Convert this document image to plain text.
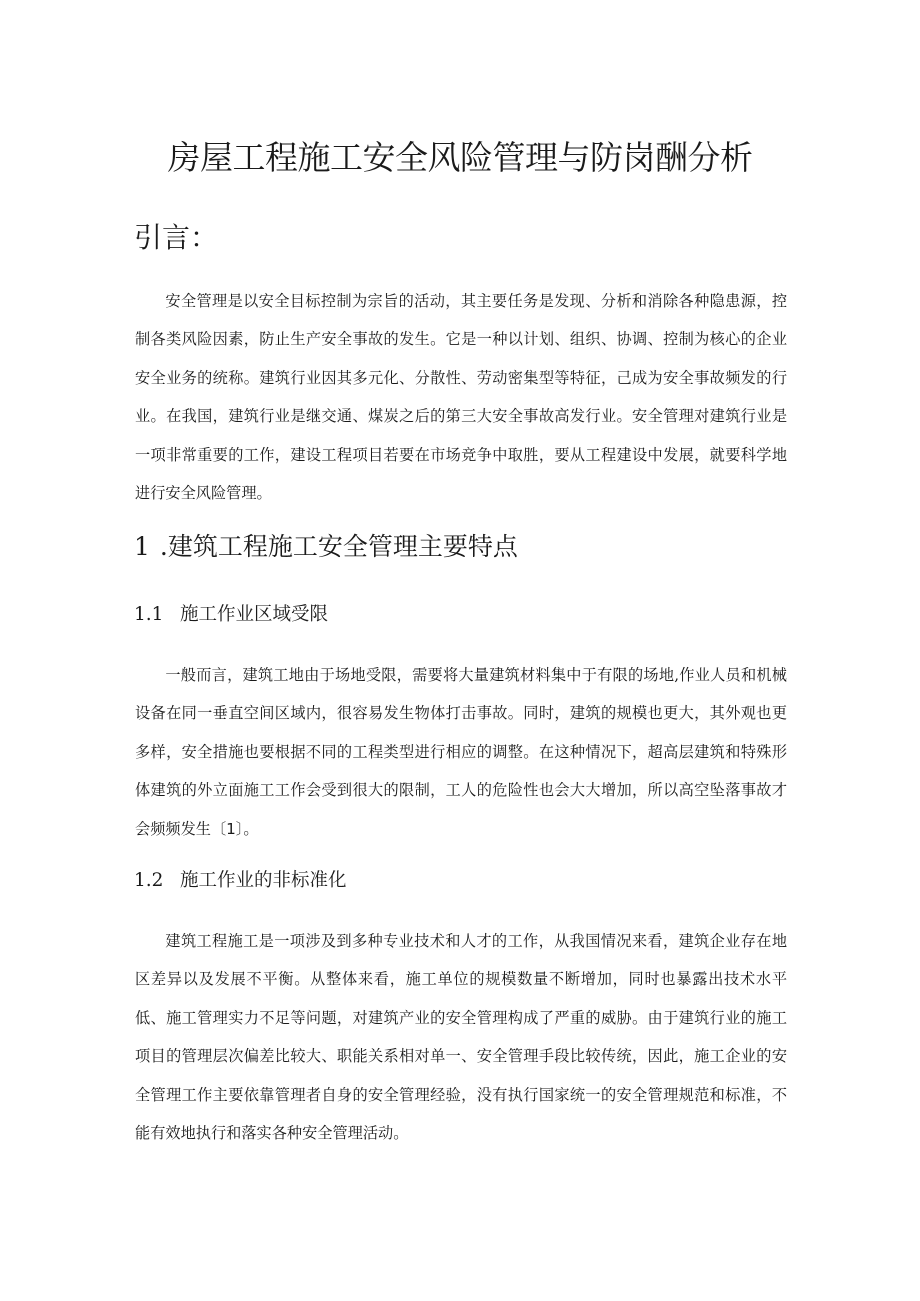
房屋工程施工安全风险管理与防岗酬分析
引言：

安全管理是以安全目标控制为宗旨的活动，其主要任务是发现、分析和消除各种隐患源，控制各类风险因素，防止生产安全事故的发生。它是一种以计划、组织、协调、控制为核心的企业安全业务的统称。建筑行业因其多元化、分散性、劳动密集型等特征，己成为安全事故频发的行业。在我国，建筑行业是继交通、煤炭之后的第三大安全事故高发行业。安全管理对建筑行业是一项非常重要的工作，建设工程项目若要在市场竞争中取胜，要从工程建设中发展，就要科学地进行安全风险管理。

1 .建筑工程施工安全管理主要特点
1.1 施工作业区域受限

一般而言，建筑工地由于场地受限，需要将大量建筑材料集中于有限的场地,作业人员和机械设备在同一垂直空间区域内，很容易发生物体打击事故。同时，建筑的规模也更大，其外观也更多样，安全措施也要根据不同的工程类型进行相应的调整。在这种情况下，超高层建筑和特殊形体建筑的外立面施工工作会受到很大的限制，工人的危险性也会大大增加，所以高空坠落事故才会频频发生〔1〕。

1.2 施工作业的非标准化

建筑工程施工是一项涉及到多种专业技术和人才的工作，从我国情况来看，建筑企业存在地区差异以及发展不平衡。从整体来看，施工单位的规模数量不断增加，同时也暴露出技术水平低、施工管理实力不足等问题，对建筑产业的安全管理构成了严重的威胁。由于建筑行业的施工项目的管理层次偏差比较大、职能关系相对单一、安全管理手段比较传统，因此，施工企业的安全管理工作主要依靠管理者自身的安全管理经验，没有执行国家统一的安全管理规范和标准，不能有效地执行和落实各种安全管理活动。
